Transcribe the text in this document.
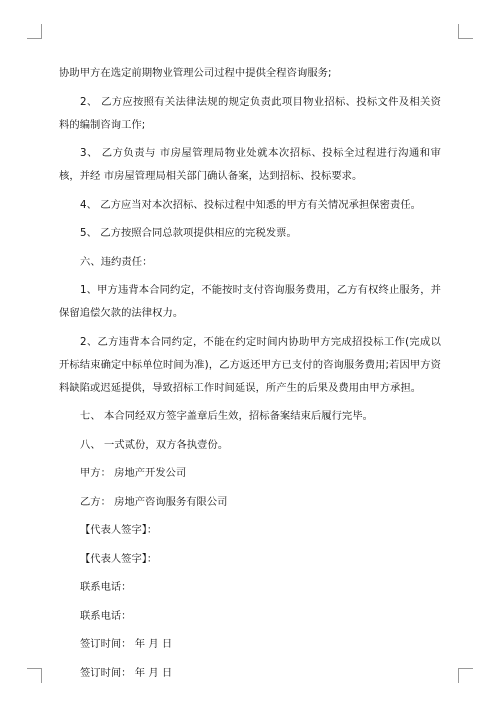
协助甲方在选定前期物业管理公司过程中提供全程咨询服务;

2、 乙方应按照有关法律法规的规定负责此项目物业招标、投标文件及相关资料的编制咨询工作;

3、 乙方负责与 市房屋管理局物业处就本次招标、投标全过程进行沟通和审核，并经 市房屋管理局相关部门确认备案，达到招标、投标要求。

4、 乙方应当对本次招标、投标过程中知悉的甲方有关情况承担保密责任。

5、 乙方按照合同总款项提供相应的完税发票。

六、违约责任：

1、甲方违背本合同约定，不能按时支付咨询服务费用，乙方有权终止服务，并保留追偿欠款的法律权力。

2、乙方违背本合同约定，不能在约定时间内协助甲方完成招投标工作(完成以开标结束确定中标单位时间为准)，乙方返还甲方已支付的咨询服务费用;若因甲方资料缺陷或迟延提供，导致招标工作时间延误，所产生的后果及费用由甲方承担。

七、 本合同经双方签字盖章后生效，招标备案结束后履行完毕。

八、 一式贰份，双方各执壹份。

甲方： 房地产开发公司
乙方： 房地产咨询服务有限公司
【代表人签字】：
【代表人签字】：
联系电话：
联系电话：
签订时间： 年 月 日
签订时间： 年 月 日
